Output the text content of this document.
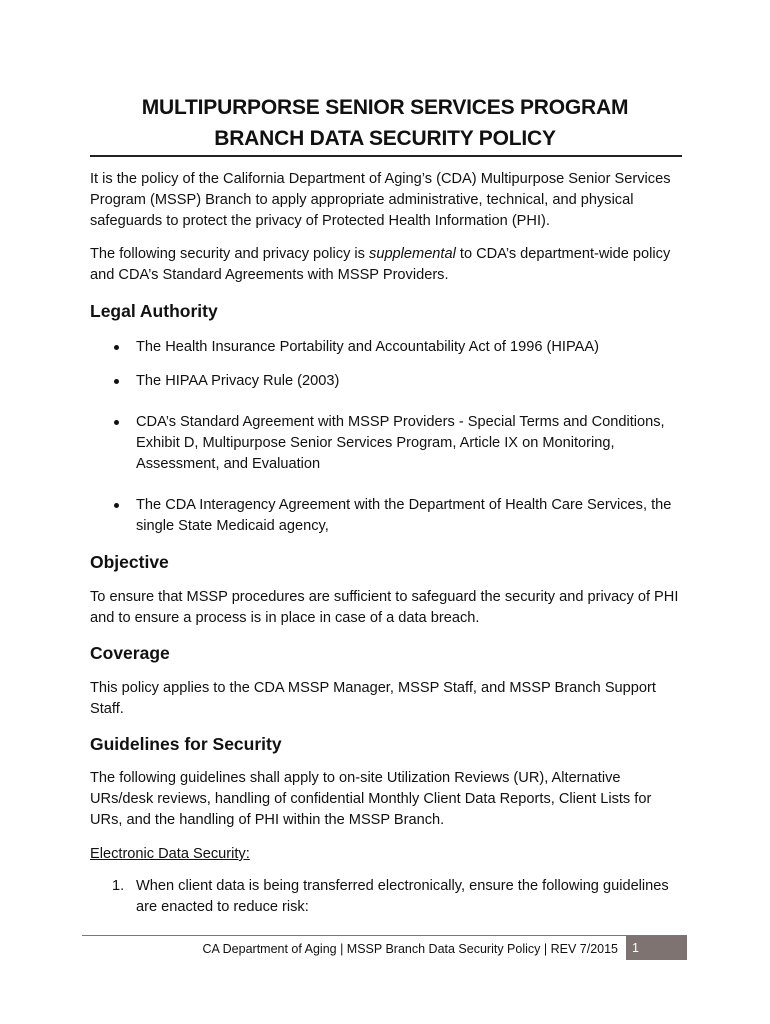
MULTIPURPORSE SENIOR SERVICES PROGRAM
BRANCH DATA SECURITY POLICY
It is the policy of the California Department of Aging’s (CDA) Multipurpose Senior Services Program (MSSP) Branch to apply appropriate administrative, technical, and physical safeguards to protect the privacy of Protected Health Information (PHI).
The following security and privacy policy is supplemental to CDA’s department-wide policy and CDA’s Standard Agreements with MSSP Providers.
Legal Authority
The Health Insurance Portability and Accountability Act of 1996 (HIPAA)
The HIPAA Privacy Rule (2003)
CDA’s Standard Agreement with MSSP Providers - Special Terms and Conditions, Exhibit D, Multipurpose Senior Services Program, Article IX on Monitoring, Assessment, and Evaluation
The CDA Interagency Agreement with the Department of Health Care Services, the single State Medicaid agency,
Objective
To ensure that MSSP procedures are sufficient to safeguard the security and privacy of PHI and to ensure a process is in place in case of a data breach.
Coverage
This policy applies to the CDA MSSP Manager, MSSP Staff, and MSSP Branch Support Staff.
Guidelines for Security
The following guidelines shall apply to on-site Utilization Reviews (UR), Alternative URs/desk reviews, handling of confidential Monthly Client Data Reports, Client Lists for URs, and the handling of PHI within the MSSP Branch.
Electronic Data Security:
1. When client data is being transferred electronically, ensure the following guidelines are enacted to reduce risk:
CA Department of Aging | MSSP Branch Data Security Policy | REV 7/2015	1
